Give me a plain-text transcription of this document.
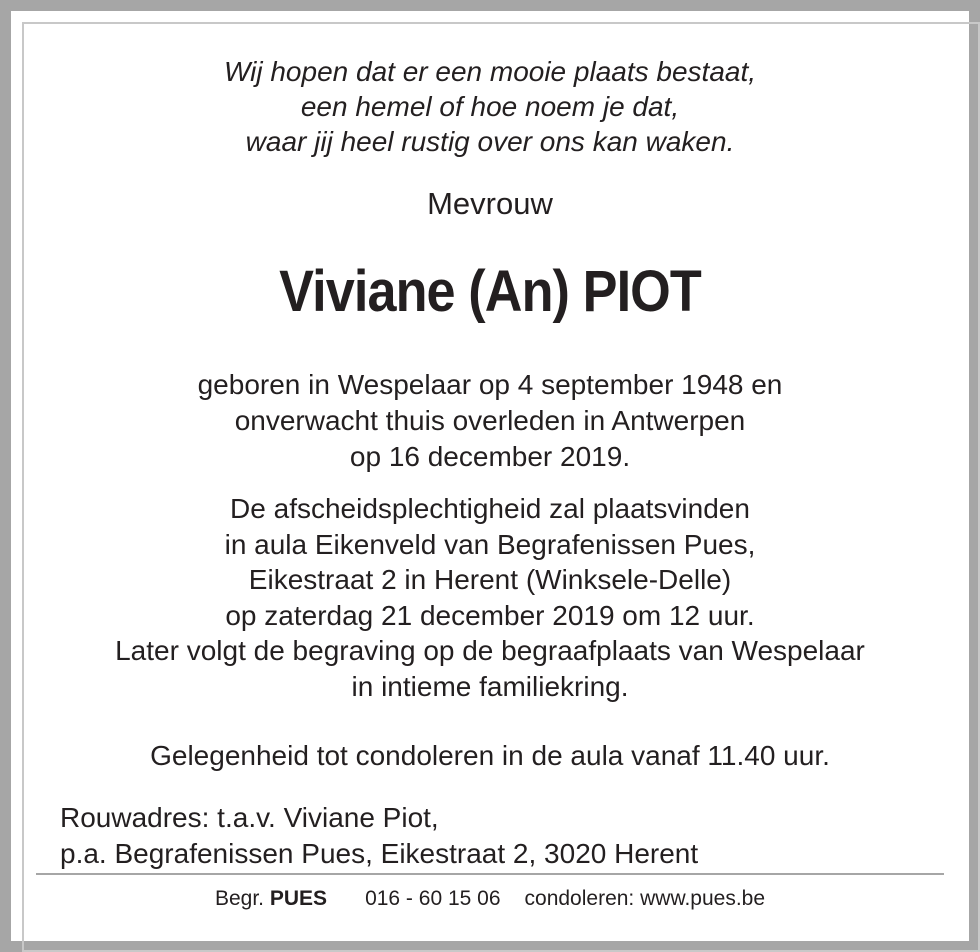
Wij hopen dat er een mooie plaats bestaat,

een hemel of hoe noem je dat,

waar jij heel rustig over ons kan waken.

Mevrouw

Viviane (An) PIOT

geboren in Wespelaar op 4 september 1948 en

onverwacht thuis overleden in Antwerpen

op 16 december 2019.

De afscheidsplechtigheid zal plaatsvinden

in aula Eikenveld van Begrafenissen Pues,

Eikestraat 2 in Herent (Winksele-Delle)

op zaterdag 21 december 2019 om 12 uur.

Later volgt de begraving op de begraafplaats van Wespelaar

in intieme familiekring.

Gelegenheid tot condoleren in de aula vanaf 11.40 uur.

Rouwadres: t.a.v. Viviane Piot,

p.a. Begrafenissen Pues, Eikestraat 2, 3020 Herent

Begr. PUES 016 - 60 15 06 condoleren: www.pues.be
